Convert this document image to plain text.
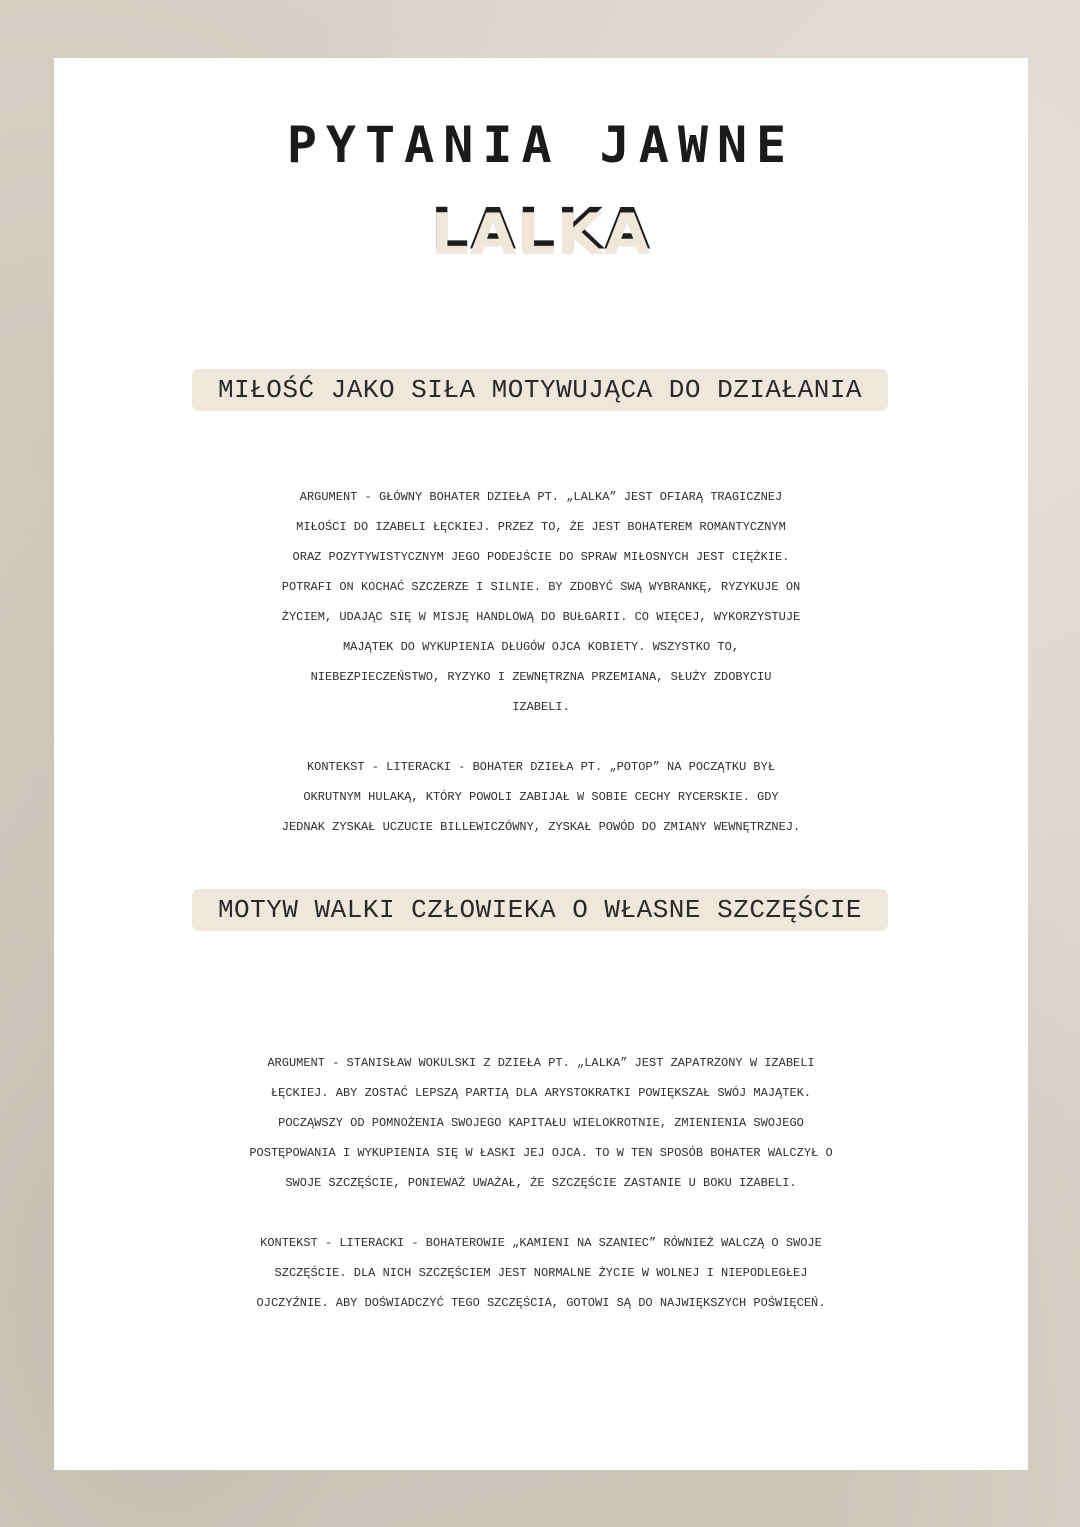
PYTANIA JAWNE
LALKA
MIŁOŚĆ JAKO SIŁA MOTYWUJĄCA DO DZIAŁANIA

ARGUMENT - GŁÓWNY BOHATER DZIEŁA PT. „LALKA” JEST OFIARĄ TRAGICZNEJ
MIŁOŚCI DO IZABELI ŁĘCKIEJ. PRZEZ TO, ŻE JEST BOHATEREM ROMANTYCZNYM
ORAZ POZYTYWISTYCZNYM JEGO PODEJŚCIE DO SPRAW MIŁOSNYCH JEST CIĘŻKIE.
POTRAFI ON KOCHAĆ SZCZERZE I SILNIE. BY ZDOBYĆ SWĄ WYBRANKĘ, RYZYKUJE ON
ŻYCIEM, UDAJĄC SIĘ W MISJĘ HANDLOWĄ DO BUŁGARII. CO WIĘCEJ, WYKORZYSTUJE
MAJĄTEK DO WYKUPIENIA DŁUGÓW OJCA KOBIETY. WSZYSTKO TO,
NIEBEZPIECZEŃSTWO, RYZYKO I ZEWNĘTRZNA PRZEMIANA, SŁUŻY ZDOBYCIU
IZABELI.

KONTEKST - LITERACKI - BOHATER DZIEŁA PT. „POTOP” NA POCZĄTKU BYŁ
OKRUTNYM HULAKĄ, KTÓRY POWOLI ZABIJAŁ W SOBIE CECHY RYCERSKIE. GDY
JEDNAK ZYSKAŁ UCZUCIE BILLEWICZÓWNY, ZYSKAŁ POWÓD DO ZMIANY WEWNĘTRZNEJ.

MOTYW WALKI CZŁOWIEKA O WŁASNE SZCZĘŚCIE

ARGUMENT - STANISŁAW WOKULSKI Z DZIEŁA PT. „LALKA” JEST ZAPATRZONY W IZABELI
ŁĘCKIEJ. ABY ZOSTAĆ LEPSZĄ PARTIĄ DLA ARYSTOKRATKI POWIĘKSZAŁ SWÓJ MAJĄTEK.
POCZĄWSZY OD POMNOŻENIA SWOJEGO KAPITAŁU WIELOKROTNIE, ZMIENIENIA SWOJEGO
POSTĘPOWANIA I WYKUPIENIA SIĘ W ŁASKI JEJ OJCA. TO W TEN SPOSÓB BOHATER WALCZYŁ O
SWOJE SZCZĘŚCIE, PONIEWAŻ UWAŻAŁ, ŻE SZCZĘŚCIE ZASTANIE U BOKU IZABELI.

KONTEKST - LITERACKI - BOHATEROWIE „KAMIENI NA SZANIEC” RÓWNIEŻ WALCZĄ O SWOJE
SZCZĘŚCIE. DLA NICH SZCZĘŚCIEM JEST NORMALNE ŻYCIE W WOLNEJ I NIEPODLEGŁEJ
OJCZYŹNIE. ABY DOŚWIADCZYĆ TEGO SZCZĘŚCIA, GOTOWI SĄ DO NAJWIĘKSZYCH POŚWIĘCEŃ.
